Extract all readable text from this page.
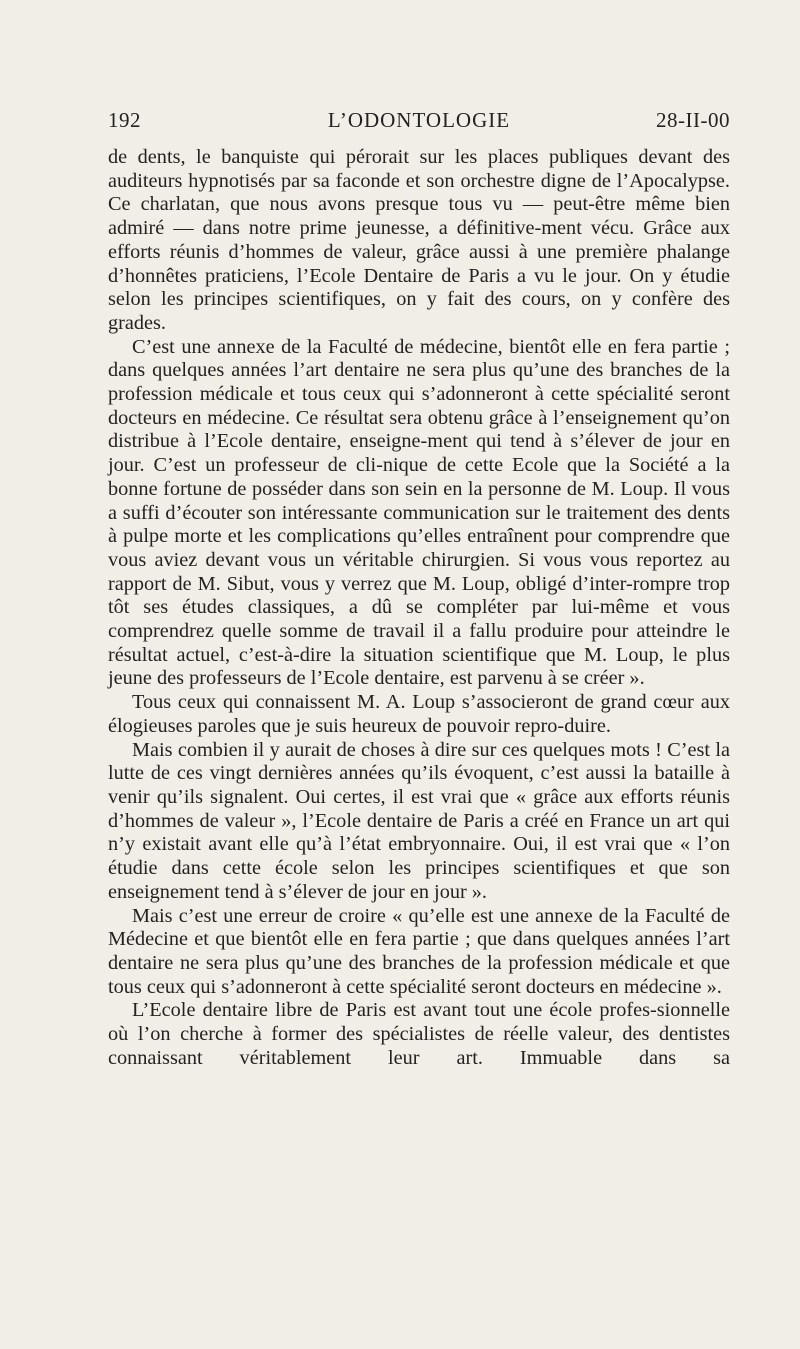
192	L’ODONTOLOGIE	28-II-00

de dents, le banquiste qui pérorait sur les places publiques devant des auditeurs hypnotisés par sa faconde et son orchestre digne de l’Apocalypse. Ce charlatan, que nous avons presque tous vu — peut-être même bien admiré — dans notre prime jeunesse, a définitive-ment vécu. Grâce aux efforts réunis d’hommes de valeur, grâce aussi à une première phalange d’honnêtes praticiens, l’Ecole Dentaire de Paris a vu le jour. On y étudie selon les principes scientifiques, on y fait des cours, on y confère des grades.

C’est une annexe de la Faculté de médecine, bientôt elle en fera partie ; dans quelques années l’art dentaire ne sera plus qu’une des branches de la profession médicale et tous ceux qui s’adonneront à cette spécialité seront docteurs en médecine. Ce résultat sera obtenu grâce à l’enseignement qu’on distribue à l’Ecole dentaire, enseigne-ment qui tend à s’élever de jour en jour. C’est un professeur de cli-nique de cette Ecole que la Société a la bonne fortune de posséder dans son sein en la personne de M. Loup. Il vous a suffi d’écouter son intéressante communication sur le traitement des dents à pulpe morte et les complications qu’elles entraînent pour comprendre que vous aviez devant vous un véritable chirurgien. Si vous vous reportez au rapport de M. Sibut, vous y verrez que M. Loup, obligé d’inter-rompre trop tôt ses études classiques, a dû se compléter par lui-même et vous comprendrez quelle somme de travail il a fallu produire pour atteindre le résultat actuel, c’est-à-dire la situation scientifique que M. Loup, le plus jeune des professeurs de l’Ecole dentaire, est parvenu à se créer ».

Tous ceux qui connaissent M. A. Loup s’associeront de grand cœur aux élogieuses paroles que je suis heureux de pouvoir repro-duire.

Mais combien il y aurait de choses à dire sur ces quelques mots ! C’est la lutte de ces vingt dernières années qu’ils évoquent, c’est aussi la bataille à venir qu’ils signalent. Oui certes, il est vrai que « grâce aux efforts réunis d’hommes de valeur », l’Ecole dentaire de Paris a créé en France un art qui n’y existait avant elle qu’à l’état embryonnaire. Oui, il est vrai que « l’on étudie dans cette école selon les principes scientifiques et que son enseignement tend à s’élever de jour en jour ».

Mais c’est une erreur de croire « qu’elle est une annexe de la Faculté de Médecine et que bientôt elle en fera partie ; que dans quelques années l’art dentaire ne sera plus qu’une des branches de la profession médicale et que tous ceux qui s’adonneront à cette spécialité seront docteurs en médecine ».

L’Ecole dentaire libre de Paris est avant tout une école profes-sionnelle où l’on cherche à former des spécialistes de réelle valeur, des dentistes connaissant véritablement leur art. Immuable dans sa
